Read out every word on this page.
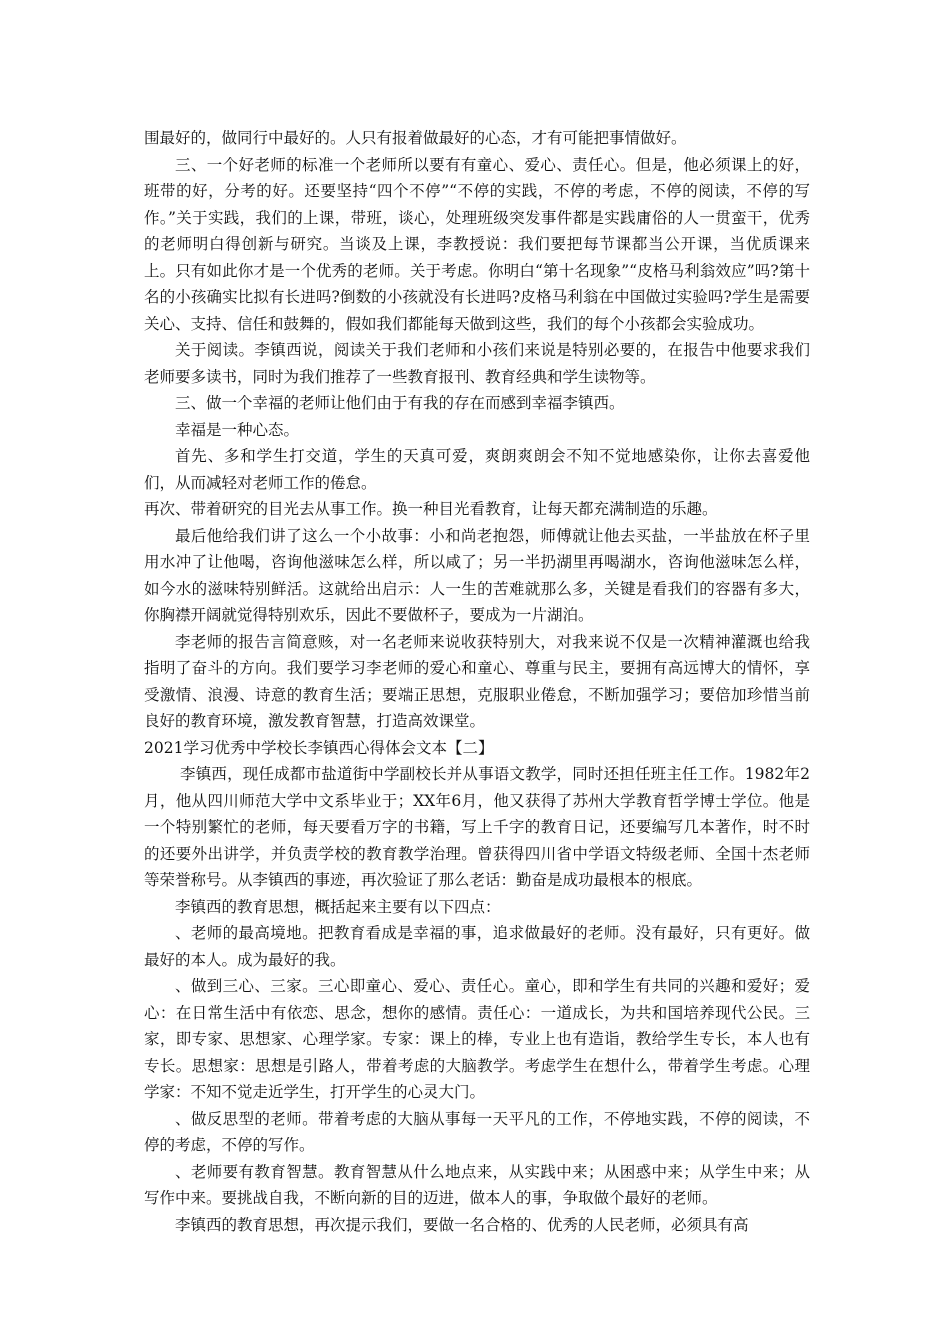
围最好的，做同行中最好的。人只有报着做最好的心态，才有可能把事情做好。

三、一个好老师的标准一个老师所以要有有童心、爱心、责任心。但是，他必须课上的好，班带的好，分考的好。还要坚持“四个不停”“不停的实践，不停的考虑，不停的阅读，不停的写作。”关于实践，我们的上课，带班，谈心，处理班级突发事件都是实践庸俗的人一贯蛮干，优秀的老师明白得创新与研究。当谈及上课，李教授说：我们要把每节课都当公开课，当优质课来上。只有如此你才是一个优秀的老师。关于考虑。你明白“第十名现象”“皮格马利翁效应”吗?第十名的小孩确实比拟有长进吗?倒数的小孩就没有长进吗?皮格马利翁在中国做过实验吗?学生是需要关心、支持、信任和鼓舞的，假如我们都能每天做到这些，我们的每个小孩都会实验成功。

关于阅读。李镇西说，阅读关于我们老师和小孩们来说是特别必要的，在报告中他要求我们老师要多读书，同时为我们推荐了一些教育报刊、教育经典和学生读物等。

三、做一个幸福的老师让他们由于有我的存在而感到幸福李镇西。

幸福是一种心态。

首先、多和学生打交道，学生的天真可爱，爽朗爽朗会不知不觉地感染你，让你去喜爱他们，从而减轻对老师工作的倦怠。

再次、带着研究的目光去从事工作。换一种目光看教育，让每天都充满制造的乐趣。

最后他给我们讲了这么一个小故事：小和尚老抱怨，师傅就让他去买盐，一半盐放在杯子里用水冲了让他喝，咨询他滋味怎么样，所以咸了；另一半扔湖里再喝湖水，咨询他滋味怎么样，如今水的滋味特别鲜活。这就给出启示：人一生的苦难就那么多，关键是看我们的容器有多大，你胸襟开阔就觉得特别欢乐，因此不要做杯子，要成为一片湖泊。

李老师的报告言简意赅，对一名老师来说收获特别大，对我来说不仅是一次精神灌溉也给我指明了奋斗的方向。我们要学习李老师的爱心和童心、尊重与民主，要拥有高远博大的情怀，享受激情、浪漫、诗意的教育生活；要端正思想，克服职业倦怠，不断加强学习；要倍加珍惜当前良好的教育环境，激发教育智慧，打造高效课堂。

2021学习优秀中学校长李镇西心得体会文本【二】

李镇西，现任成都市盐道街中学副校长并从事语文教学，同时还担任班主任工作。1982年2月，他从四川师范大学中文系毕业于；XX年6月，他又获得了苏州大学教育哲学博士学位。他是一个特别繁忙的老师，每天要看万字的书籍，写上千字的教育日记，还要编写几本著作，时不时的还要外出讲学，并负责学校的教育教学治理。曾获得四川省中学语文特级老师、全国十杰老师等荣誉称号。从李镇西的事迹，再次验证了那么老话：勤奋是成功最根本的根底。

李镇西的教育思想，概括起来主要有以下四点：

、老师的最高境地。把教育看成是幸福的事，追求做最好的老师。没有最好，只有更好。做最好的本人。成为最好的我。

、做到三心、三家。三心即童心、爱心、责任心。童心，即和学生有共同的兴趣和爱好；爱心：在日常生活中有依恋、思念，想你的感情。责任心：一道成长，为共和国培养现代公民。三家，即专家、思想家、心理学家。专家：课上的棒，专业上也有造诣，教给学生专长，本人也有专长。思想家：思想是引路人，带着考虑的大脑教学。考虑学生在想什么，带着学生考虑。心理学家：不知不觉走近学生，打开学生的心灵大门。

、做反思型的老师。带着考虑的大脑从事每一天平凡的工作，不停地实践，不停的阅读，不停的考虑，不停的写作。

、老师要有教育智慧。教育智慧从什么地点来，从实践中来；从困惑中来；从学生中来；从写作中来。要挑战自我，不断向新的目的迈进，做本人的事，争取做个最好的老师。

李镇西的教育思想，再次提示我们，要做一名合格的、优秀的人民老师，必须具有高
